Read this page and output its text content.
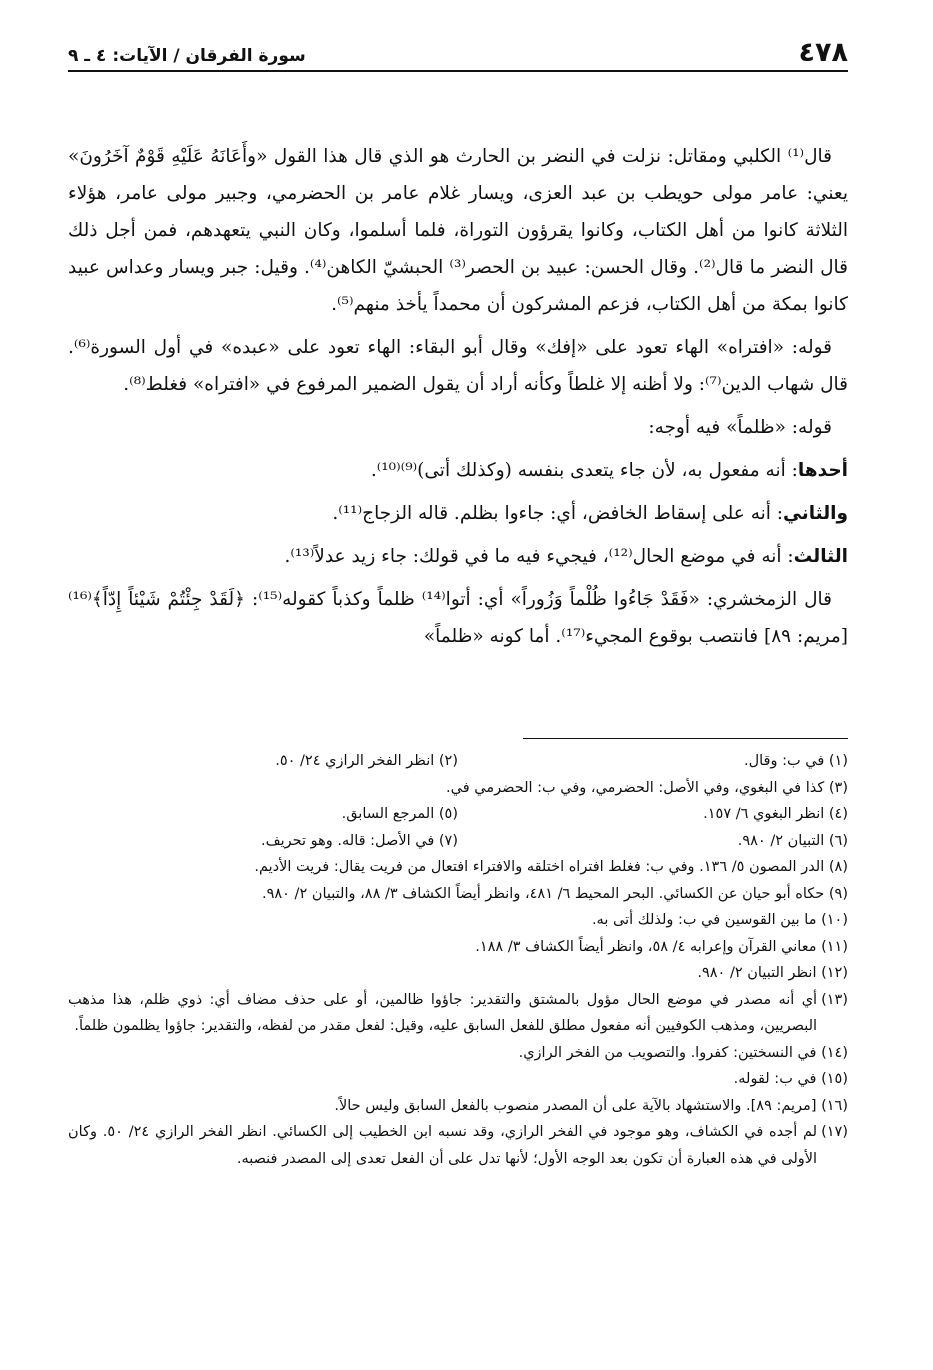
٤٧٨
سورة الفرقان / الآيات: ٤ ـ ٩

قال⁽¹⁾ الكلبي ومقاتل: نزلت في النضر بن الحارث هو الذي قال هذا القول «وأَعَانَهُ عَلَيْهِ قَوْمٌ آخَرُونَ» يعني: عامر مولى حويطب بن عبد العزى، ويسار غلام عامر بن الحضرمي، وجبير مولى عامر، هؤلاء الثلاثة كانوا من أهل الكتاب، وكانوا يقرؤون التوراة، فلما أسلموا، وكان النبي يتعهدهم، فمن أجل ذلك قال النضر ما قال⁽²⁾. وقال الحسن: عبيد بن الحصر⁽³⁾ الحبشيّ الكاهن⁽⁴⁾. وقيل: جبر ويسار وعداس عبيد كانوا بمكة من أهل الكتاب، فزعم المشركون أن محمداً يأخذ منهم⁽⁵⁾.

قوله: «افتراه» الهاء تعود على «إفك» وقال أبو البقاء: الهاء تعود على «عبده» في أول السورة⁽⁶⁾. قال شهاب الدين⁽⁷⁾: ولا أظنه إلا غلطاً وكأنه أراد أن يقول الضمير المرفوع في «افتراه» فغلط⁽⁸⁾.

قوله: «ظلماً» فيه أوجه:

أحدها: أنه مفعول به، لأن جاء يتعدى بنفسه (وكذلك أتى)⁽⁹⁾⁽¹⁰⁾.

والثاني: أنه على إسقاط الخافض، أي: جاءوا بظلم. قاله الزجاج⁽¹¹⁾.

الثالث: أنه في موضع الحال⁽¹²⁾، فيجيء فيه ما في قولك: جاء زيد عدلاً⁽¹³⁾.

قال الزمخشري: «فَقَدْ جَاءُوا ظُلْماً وَزُوراً» أي: أتوا⁽¹⁴⁾ ظلماً وكذباً كقوله⁽¹⁵⁾: ﴿لَقَدْ جِئْتُمْ شَيْئاً إِدّاً﴾⁽¹⁶⁾ [مريم: ٨٩] فانتصب بوقوع المجيء⁽¹⁷⁾. أما كونه «ظلماً»

(١) في ب: وقال.
(٢) انظر الفخر الرازي ٢٤/ ٥٠.
(٣) كذا في البغوي، وفي الأصل: الحضرمي، وفي ب: الحضرمي في.
(٤) انظر البغوي ٦/ ١٥٧.
(٥) المرجع السابق.
(٦) التبيان ٢/ ٩٨٠.
(٧) في الأصل: قاله. وهو تحريف.
(٨) الدر المصون ٥/ ١٣٦. وفي ب: فغلط افتراه اختلقه والافتراء افتعال من فريت يقال: فريت الأديم.
(٩) حكاه أبو حيان عن الكسائي. البحر المحيط ٦/ ٤٨١، وانظر أيضاً الكشاف ٣/ ٨٨، والتبيان ٢/ ٩٨٠.
(١٠) ما بين القوسين في ب: ولذلك أتى به.
(١١) معاني القرآن وإعرابه ٤/ ٥٨، وانظر أيضاً الكشاف ٣/ ١٨٨.
(١٢) انظر التبيان ٢/ ٩٨٠.
(١٣)
أي أنه مصدر في موضع الحال مؤول بالمشتق والتقدير: جاؤوا ظالمين، أو على حذف مضاف أي: ذوي ظلم، هذا مذهب البصريين، ومذهب الكوفيين أنه مفعول مطلق للفعل السابق عليه، وقيل: لفعل مقدر من لفظه، والتقدير: جاؤوا يظلمون ظلماً.
(١٤) في النسختين: كفروا. والتصويب من الفخر الرازي.
(١٥) في ب: لقوله.
(١٦) [مريم: ٨٩]. والاستشهاد بالآية على أن المصدر منصوب بالفعل السابق وليس حالاً.
(١٧)
لم أجده في الكشاف، وهو موجود في الفخر الرازي، وقد نسبه ابن الخطيب إلى الكسائي. انظر الفخر الرازي ٢٤/ ٥٠. وكان الأولى في هذه العبارة أن تكون بعد الوجه الأول؛ لأنها تدل على أن الفعل تعدى إلى المصدر فنصبه.
